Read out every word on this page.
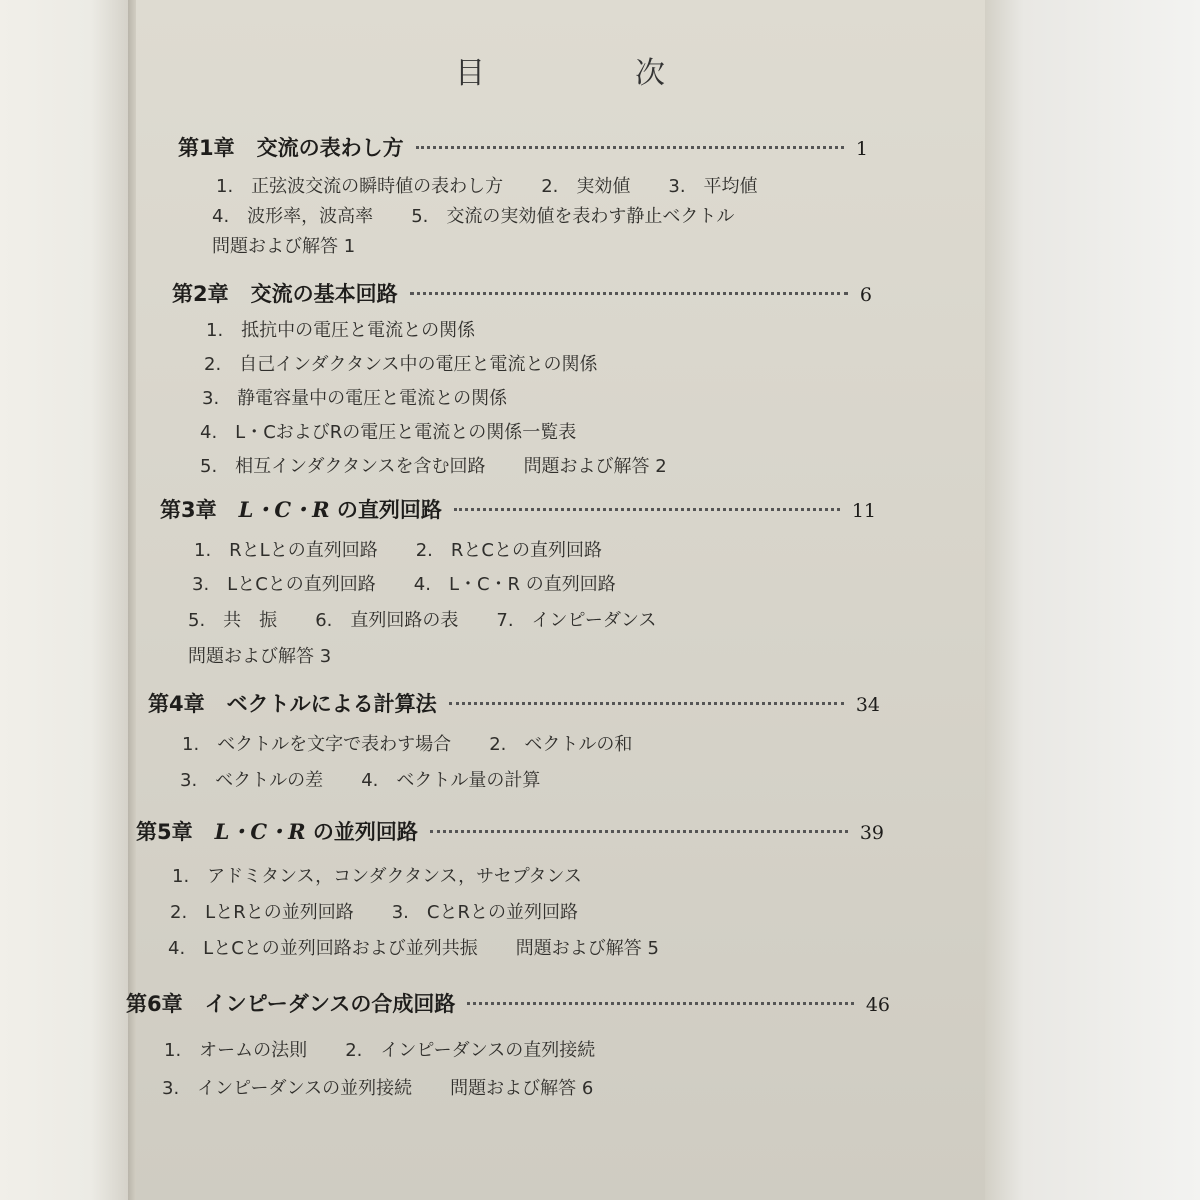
目　次
第1章 交流の表わし方	1
1.　正弦波交流の瞬時値の表わし方 2.　実効値 3.　平均値
4.　波形率，波高率 5.　交流の実効値を表わす静止ベクトル
問題および解答 1
第2章 交流の基本回路	6
1.　抵抗中の電圧と電流との関係
2.　自己インダクタンス中の電圧と電流との関係
3.　静電容量中の電圧と電流との関係
4.　L・CおよびRの電圧と電流との関係一覧表
5.　相互インダクタンスを含む回路 問題および解答 2
第3章 L・C・R の直列回路	11
1.　RとLとの直列回路 2.　RとCとの直列回路
3.　LとCとの直列回路 4.　L・C・R の直列回路
5.　共　振 6.　直列回路の表 7.　インピーダンス
問題および解答 3
第4章 ベクトルによる計算法	34
1.　ベクトルを文字で表わす場合 2.　ベクトルの和
3.　ベクトルの差 4.　ベクトル量の計算
第5章 L・C・R の並列回路	39
1.　アドミタンス，コンダクタンス，サセプタンス
2.　LとRとの並列回路 3.　CとRとの並列回路
4.　LとCとの並列回路および並列共振 問題および解答 5
第6章 インピーダンスの合成回路	46
1.　オームの法則 2.　インピーダンスの直列接続
3.　インピーダンスの並列接続 問題および解答 6
